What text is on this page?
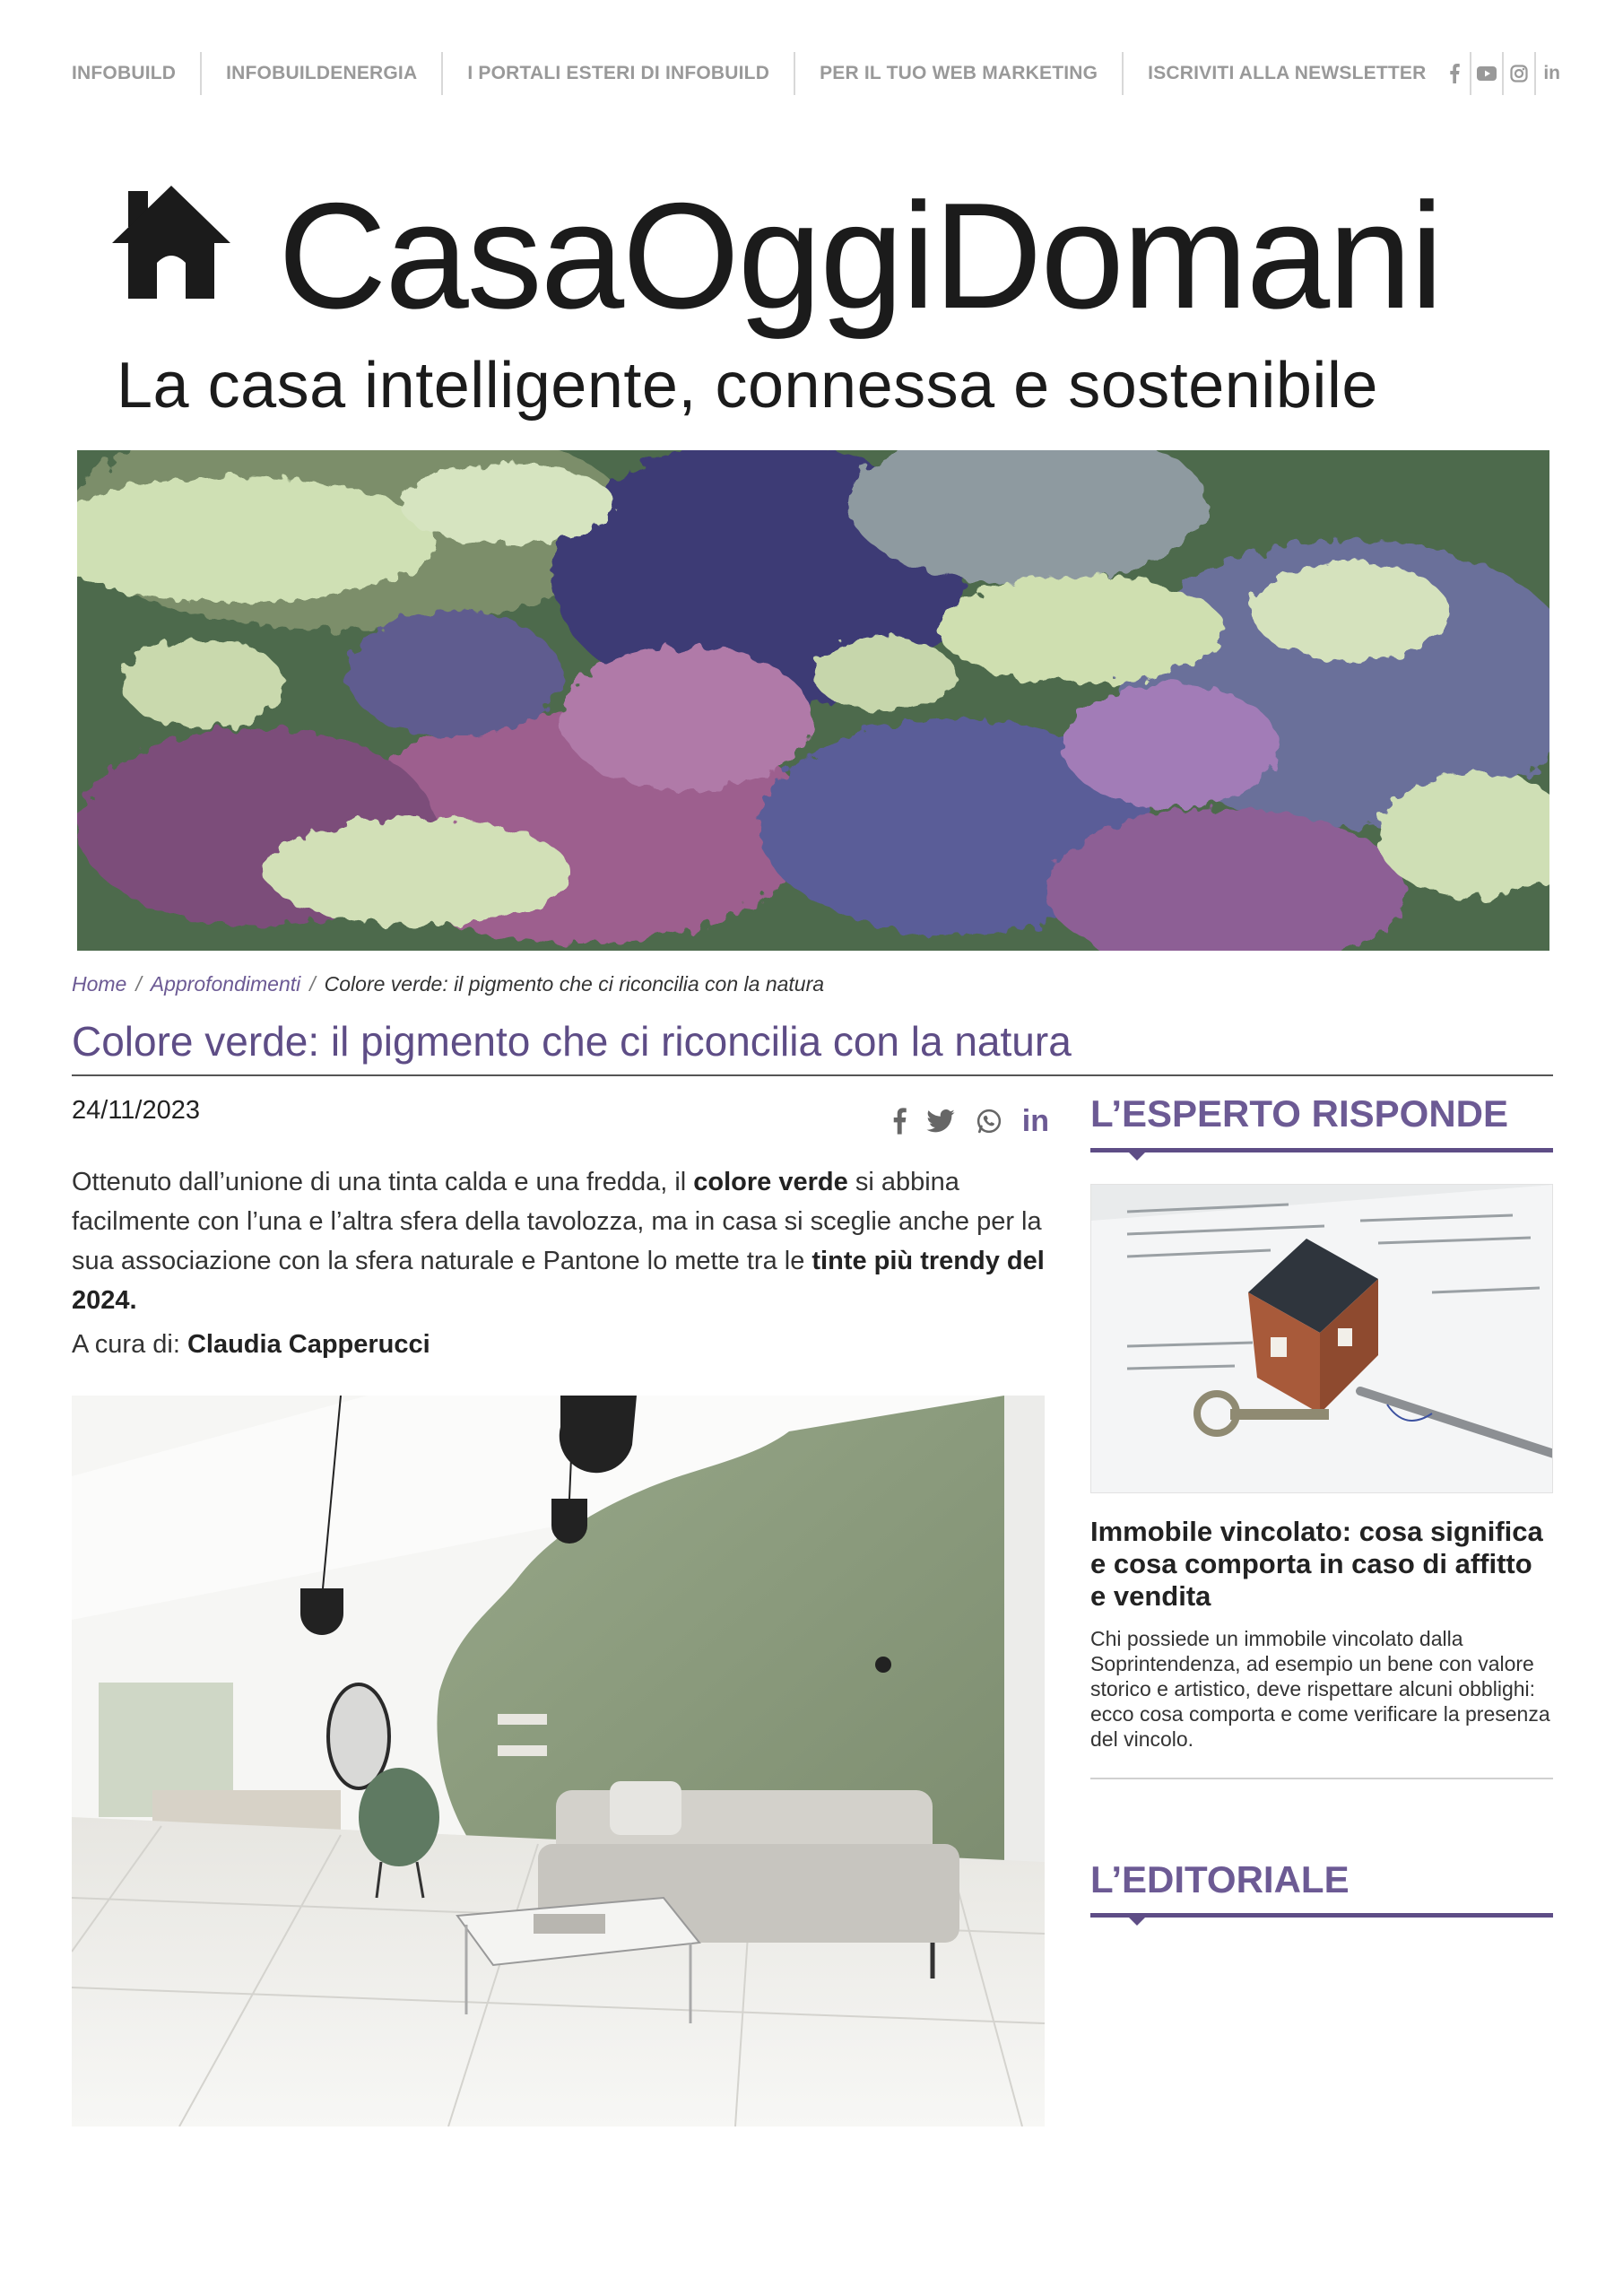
INFOBUILD	INFOBUILDENERGIA	I PORTALI ESTERI DI INFOBUILD	PER IL TUO WEB MARKETING	ISCRIVITI ALLA NEWSLETTER	in
CasaOggiDomani
La casa intelligente, connessa e sostenibile
Home / Approfondimenti / Colore verde: il pigmento che ci riconcilia con la natura
Colore verde: il pigmento che ci riconcilia con la natura
24/11/2023	in

Ottenuto dall’unione di una tinta calda e una fredda, il colore verde si abbina facilmente con l’una e l’altra sfera della tavolozza, ma in casa si sceglie anche per la sua associazione con la sfera naturale e Pantone lo mette tra le tinte più trendy del 2024.

A cura di: Claudia Capperucci
L’ESPERTO RISPONDE
Immobile vincolato: cosa significa e cosa comporta in caso di affitto e vendita

Chi possiede un immobile vincolato dalla Soprintendenza, ad esempio un bene con valore storico e artistico, deve rispettare alcuni obblighi: ecco cosa comporta e come verificare la presenza del vincolo.

L’EDITORIALE
